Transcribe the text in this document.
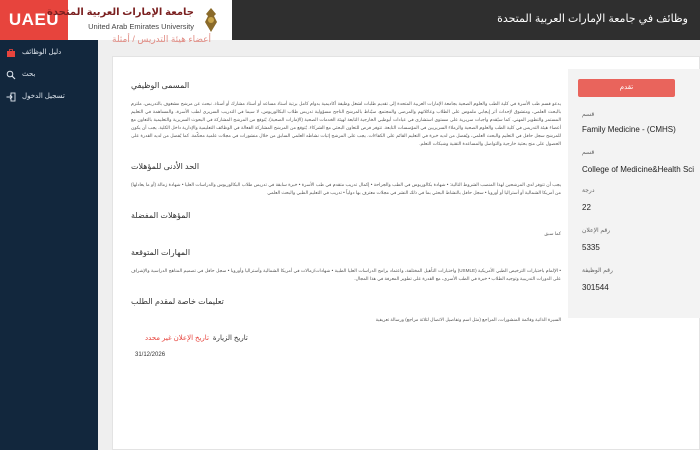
UAEU
جامعة الإمارات العربية المتحدة
United Arab Emirates University
وظائف في جامعة الإمارات العربية المتحدة
دليل الوظائف
بحث
تسجيل الدخول
أعضاء هيئة التدريس / أمثلة
المسمى الوظيفي
يدعو قسم طب الأسرة في كلية الطب والعلوم الصحية بجامعة الإمارات العربية المتحدة إلى تقديم طلبات لشغل وظيفة أكاديمية بدوام كامل برتبة أستاذ مساعد أو أستاذ مشارك أو أستاذ. نبحث عن مرشح مشغوف بالتدريس، ملتزم بالبحث العلمي، ومتشوق لإحداث أثر إيجابي ملموس على الطلاب وعائلاتهم والمرضى والمجتمع. سيُناط بالمرشح الناجح مسؤولية تدريس طلاب البكالوريوس، لا سيما في التدريب السريري لطب الأسرة، والمساهمة في التعليم المستمر والتطوير المهني. كما سيُقدم واجبات سريرية على مستوى استشاري في عيادات أبوظبي الخارجية التابعة لهيئة الخدمات الصحية (الإمارات الصحية). يُتوقع من المرشح المشاركة في البحوث السريرية والتعليمية بالتعاون مع أعضاء هيئة التدريس في كلية الطب والعلوم الصحية والزملاء السريريين في المؤسسات التابعة. تتوفر فرص للتعاون البحثي مع الشركاء. يُتوقع من المرشح المشاركة الفعالة في الوظائف التعليمية والإدارية داخل الكلية. يجب أن يكون للمرشح سجل حافل في التعليم والبحث العلمي، ويُفضل من لديه خبرة في التعليم القائم على الكفاءات. يجب على المرشح إثبات نشاطه العلمي السابق من خلال منشورات في مجلات علمية محكّمة. كما يُفضل من لديه القدرة على الحصول على منح بحثية خارجية والتواصل والمساعدة التقنية وشبكات التعلم.
الحد الأدنى للمؤهلات
يجب أن تتوفر لدى المرشحين لهذا المنصب الشروط التالية: • شهادة بكالوريوس في الطب والجراحة • إكمال تدريب متقدم في طب الأسرة • خبرة سابقة في تدريس طلاب البكالوريوس والدراسات العليا • شهادة زمالة (أو ما يعادلها) من أمريكا الشمالية أو أستراليا أو أوروبا • سجل حافل بالنشاط البحثي بما في ذلك النشر في مجلات معترف بها دولياً • تدريب في التعليم الطبي والبحث العلمي
المؤهلات المفضلة
كما سبق
المهارات المتوقعة
• الإلمام باختبارات الترخيص الطبي الأمريكية (USMLE) واختبارات التأهيل المختلفة، واعتماد برامج الدراسات العليا الطبية • شهادات/زمالات في أمريكا الشمالية وأستراليا وأوروبا • سجل حافل في تصميم المناهج الدراسية والإشراف على الدورات التدريبية وتوجيه الطلاب • خبرة في الطب الأسري، مع القدرة على تطوير المعرفة في هذا المجال.
تعليمات خاصة لمقدم الطلب
السيرة الذاتية وقائمة المنشورات، المراجع (مثل اسم وتفاصيل الاتصال لثلاثة مراجع) ورسالة تعريفية
تاريخ الإعلان غير محدد تاريخ الزيارة
31/12/2026
تقدم
قسم
Family Medicine - (CMHS)
قسم
College of Medicine&Health Sci
درجة
22
رقم الإعلان
5335
رقم الوظيفة
301544
